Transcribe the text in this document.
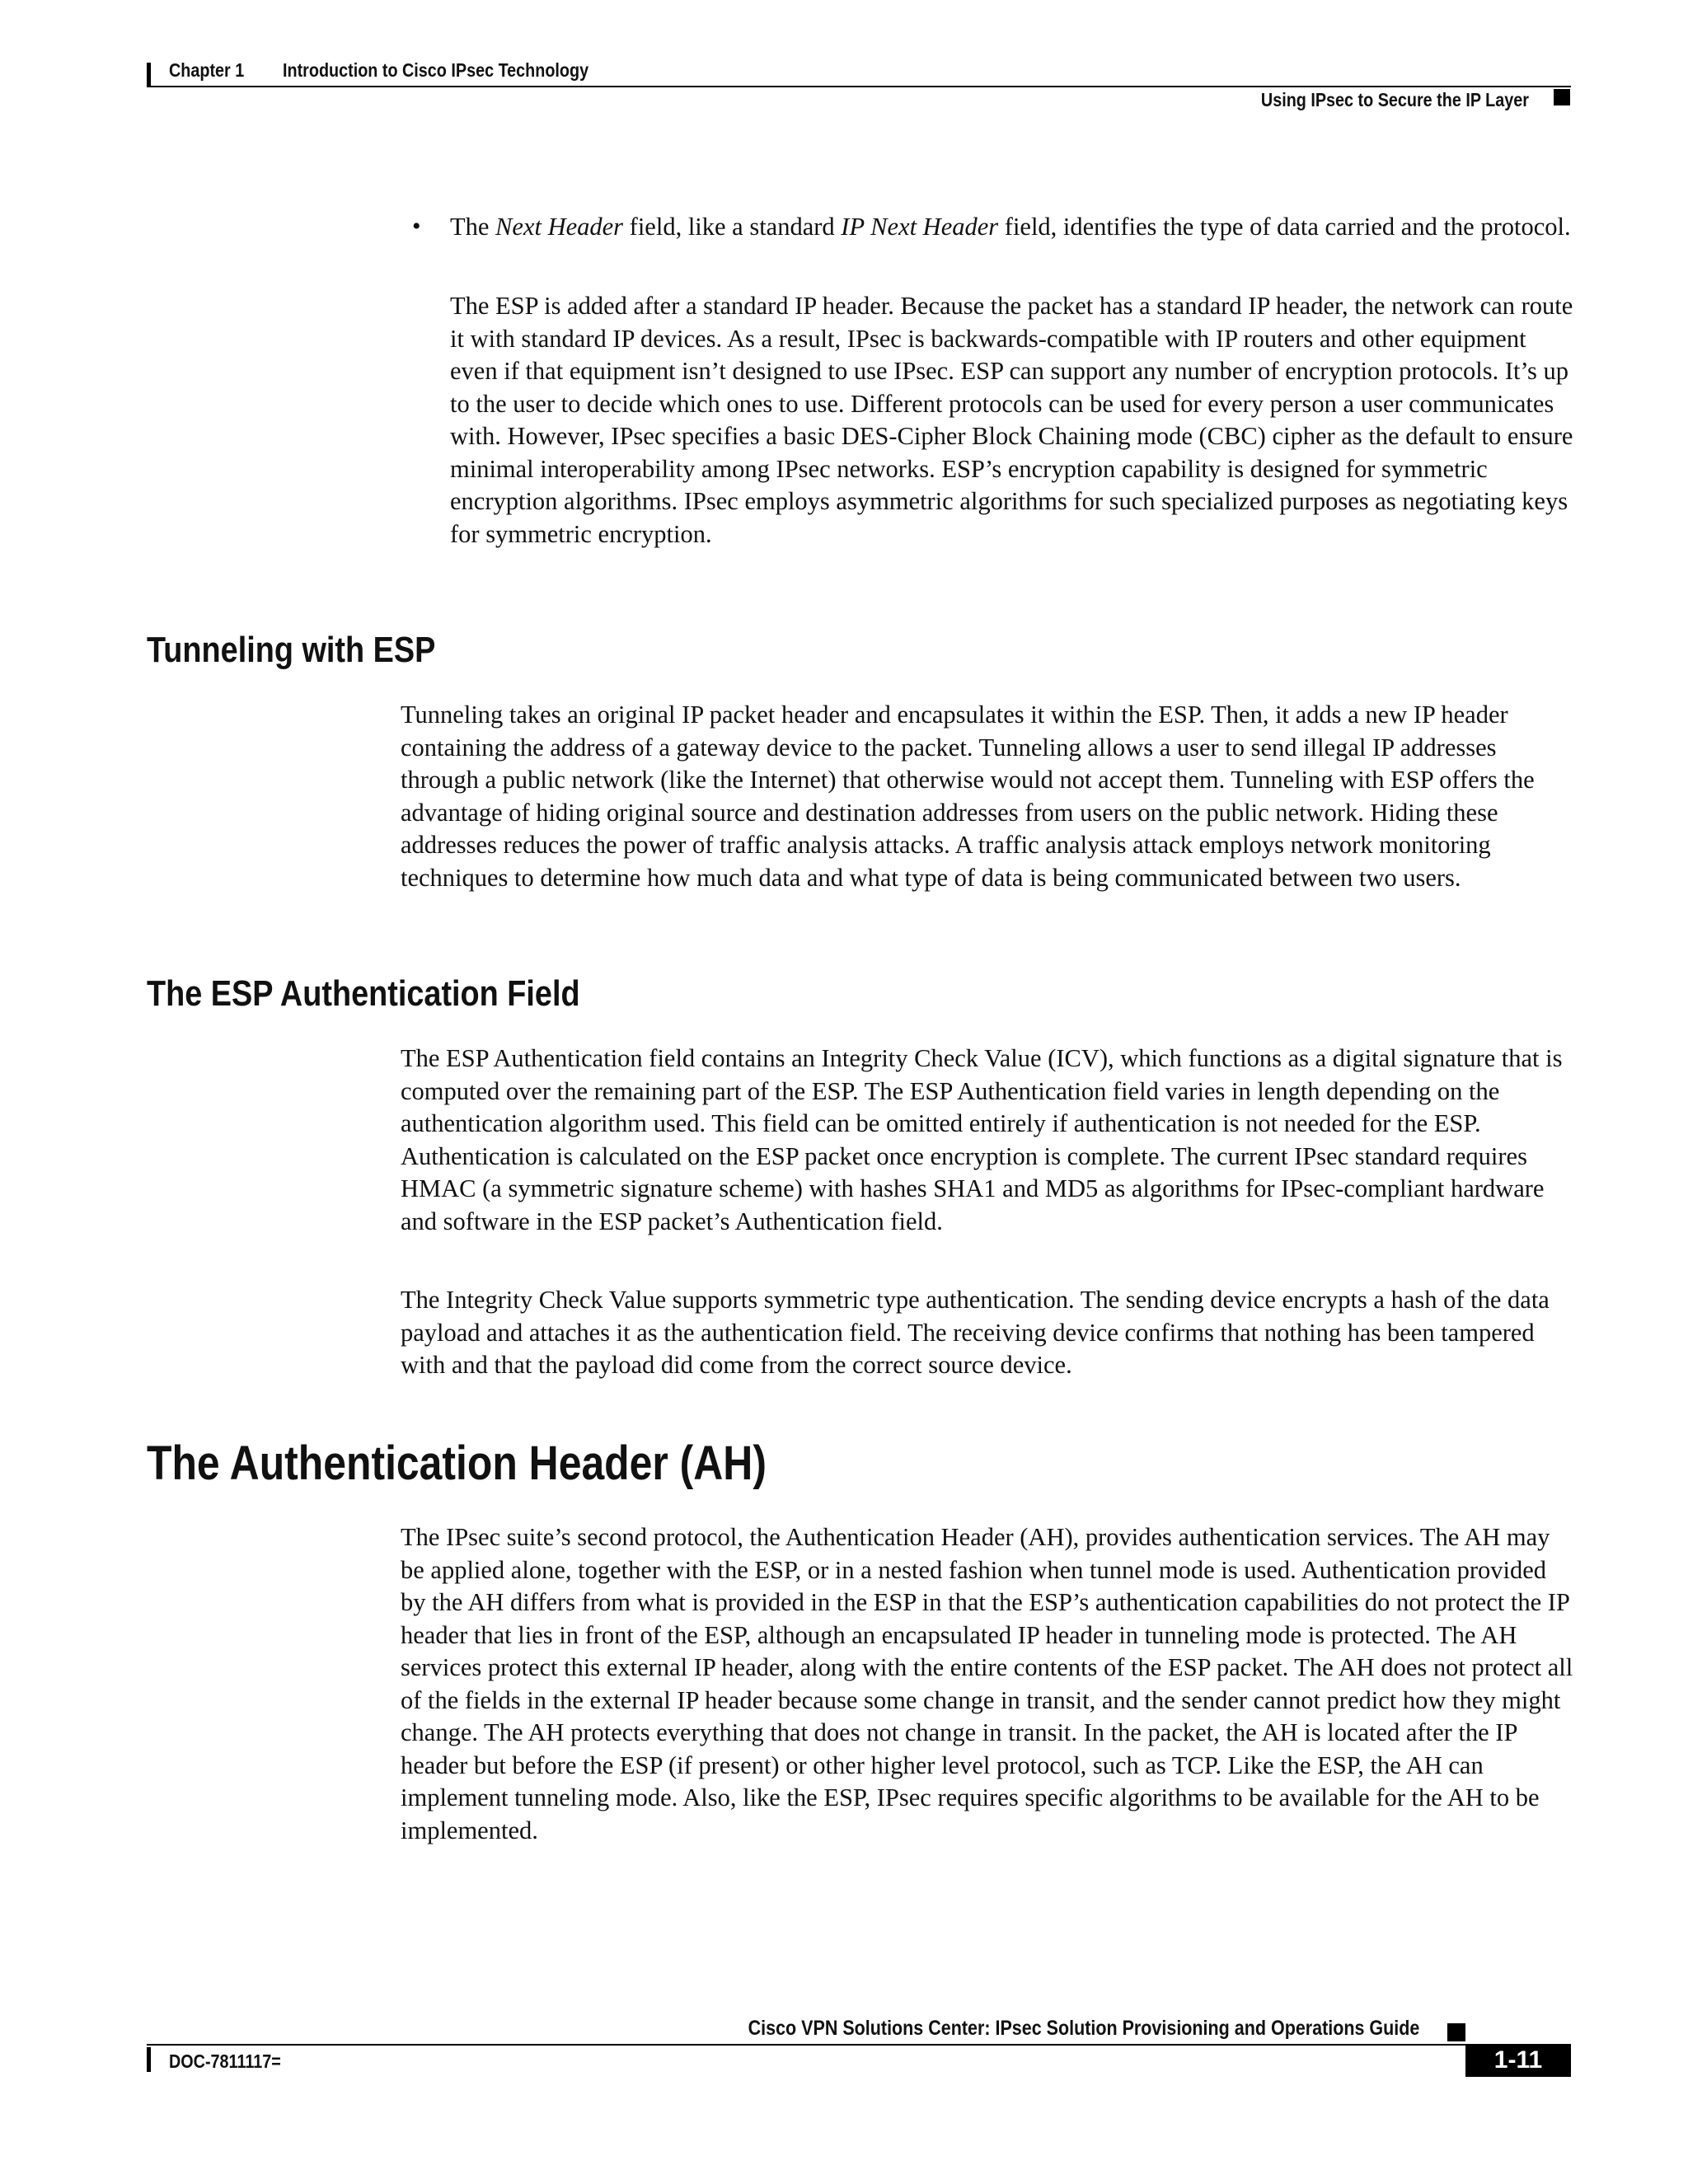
Chapter 1 Introduction to Cisco IPsec Technology
Using IPsec to Secure the IP Layer
• The Next Header field, like a standard IP Next Header field, identifies the type of data carried and the protocol.

The ESP is added after a standard IP header. Because the packet has a standard IP header, the network can route it with standard IP devices. As a result, IPsec is backwards-compatible with IP routers and other equipment even if that equipment isn’t designed to use IPsec. ESP can support any number of encryption protocols. It’s up to the user to decide which ones to use. Different protocols can be used for every person a user communicates with. However, IPsec specifies a basic DES-Cipher Block Chaining mode (CBC) cipher as the default to ensure minimal interoperability among IPsec networks. ESP’s encryption capability is designed for symmetric encryption algorithms. IPsec employs asymmetric algorithms for such specialized purposes as negotiating keys for symmetric encryption.

Tunneling with ESP

Tunneling takes an original IP packet header and encapsulates it within the ESP. Then, it adds a new IP header containing the address of a gateway device to the packet. Tunneling allows a user to send illegal IP addresses through a public network (like the Internet) that otherwise would not accept them. Tunneling with ESP offers the advantage of hiding original source and destination addresses from users on the public network. Hiding these addresses reduces the power of traffic analysis attacks. A traffic analysis attack employs network monitoring techniques to determine how much data and what type of data is being communicated between two users.

The ESP Authentication Field

The ESP Authentication field contains an Integrity Check Value (ICV), which functions as a digital signature that is computed over the remaining part of the ESP. The ESP Authentication field varies in length depending on the authentication algorithm used. This field can be omitted entirely if authentication is not needed for the ESP. Authentication is calculated on the ESP packet once encryption is complete. The current IPsec standard requires HMAC (a symmetric signature scheme) with hashes SHA1 and MD5 as algorithms for IPsec-compliant hardware and software in the ESP packet’s Authentication field.

The Integrity Check Value supports symmetric type authentication. The sending device encrypts a hash of the data payload and attaches it as the authentication field. The receiving device confirms that nothing has been tampered with and that the payload did come from the correct source device.

The Authentication Header (AH)

The IPsec suite’s second protocol, the Authentication Header (AH), provides authentication services. The AH may be applied alone, together with the ESP, or in a nested fashion when tunnel mode is used. Authentication provided by the AH differs from what is provided in the ESP in that the ESP’s authentication capabilities do not protect the IP header that lies in front of the ESP, although an encapsulated IP header in tunneling mode is protected. The AH services protect this external IP header, along with the entire contents of the ESP packet. The AH does not protect all of the fields in the external IP header because some change in transit, and the sender cannot predict how they might change. The AH protects everything that does not change in transit. In the packet, the AH is located after the IP header but before the ESP (if present) or other higher level protocol, such as TCP. Like the ESP, the AH can implement tunneling mode. Also, like the ESP, IPsec requires specific algorithms to be available for the AH to be implemented.

Cisco VPN Solutions Center: IPsec Solution Provisioning and Operations Guide
DOC-7811117=	1-11
